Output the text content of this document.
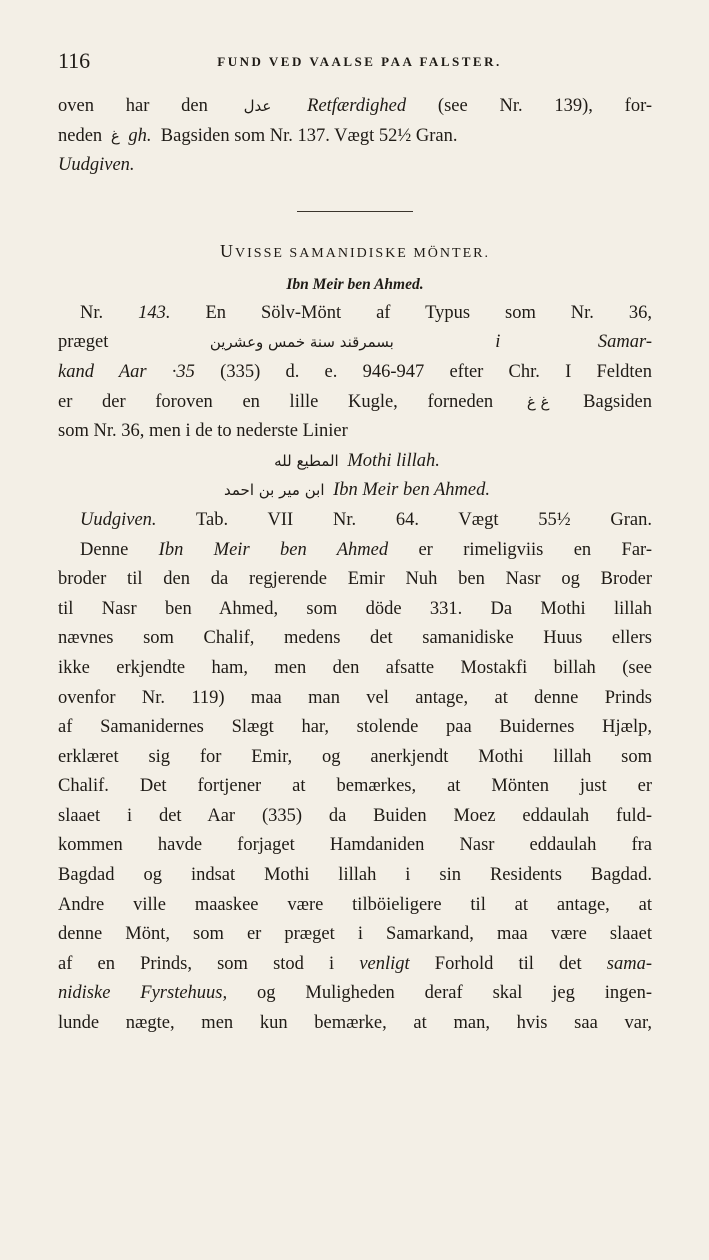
116	FUND VED VAALSE PAA FALSTER.
oven har den عدل Retfærdighed (see Nr. 139), for-
neden غ gh. Bagsiden som Nr. 137. Vægt 52½ Gran.
Uudgiven.
UVISSE SAMANIDISKE MÖNTER.
Ibn Meir ben Ahmed.
Nr. 143. En Sölv-Mönt af Typus som Nr. 36,
præget	بسمرقند سنة خمس وعشرين	i Samar-
kand Aar ·35 (335) d. e. 946-947 efter Chr. I Feldten
er der foroven en lille Kugle, forneden غ غ Bagsiden
som Nr. 36, men i de to nederste Linier
المطيع لله Mothi lillah.
ابن مير بن احمد Ibn Meir ben Ahmed.
Uudgiven. Tab. VII Nr. 64. Vægt 55½ Gran.
Denne Ibn Meir ben Ahmed er rimeligviis en Far-
broder til den da regjerende Emir Nuh ben Nasr og Broder
til Nasr ben Ahmed, som döde 331. Da Mothi lillah
nævnes som Chalif, medens det samanidiske Huus ellers
ikke erkjendte ham, men den afsatte Mostakfi billah (see
ovenfor Nr. 119) maa man vel antage, at denne Prinds
af Samanidernes Slægt har, stolende paa Buidernes Hjælp,
erklæret sig for Emir, og anerkjendt Mothi lillah som
Chalif. Det fortjener at bemærkes, at Mönten just er
slaaet i det Aar (335) da Buiden Moez eddaulah fuld-
kommen havde forjaget Hamdaniden Nasr eddaulah fra
Bagdad og indsat Mothi lillah i sin Residents Bagdad.
Andre ville maaskee være tilböieligere til at antage, at
denne Mönt, som er præget i Samarkand, maa være slaaet
af en Prinds, som stod i venligt Forhold til det sama-
nidiske Fyrstehuus, og Muligheden deraf skal jeg ingen-
lunde nægte, men kun bemærke, at man, hvis saa var,
